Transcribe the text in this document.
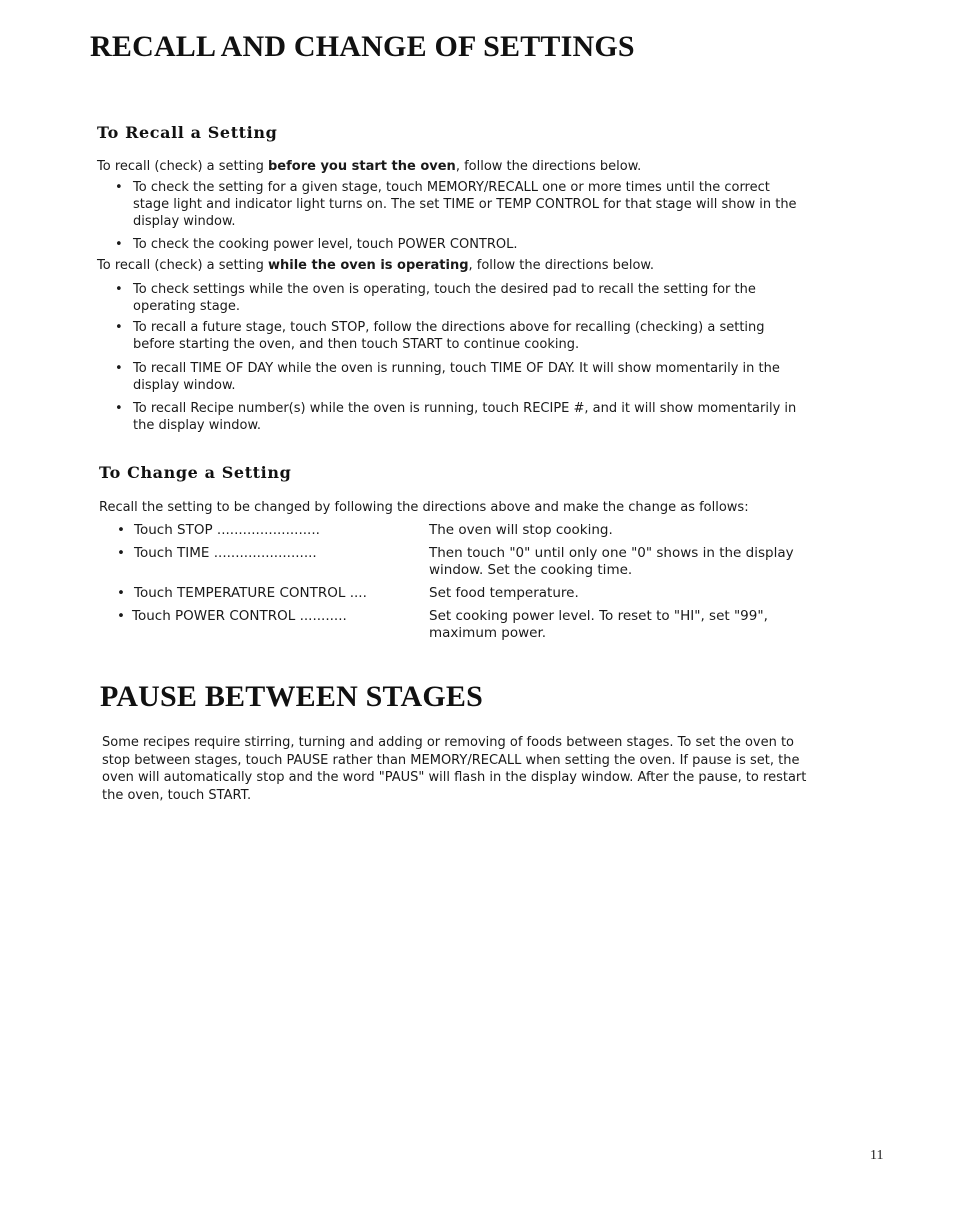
RECALL AND CHANGE OF SETTINGS
To Recall a Setting
To recall (check) a setting before you start the oven, follow the directions below.
• To check the setting for a given stage, touch MEMORY/RECALL one or more times until the correct stage light and indicator light turns on. The set TIME or TEMP CONTROL for that stage will show in the display window.
• To check the cooking power level, touch POWER CONTROL.
To recall (check) a setting while the oven is operating, follow the directions below.
• To check settings while the oven is operating, touch the desired pad to recall the setting for the operating stage.
• To recall a future stage, touch STOP, follow the directions above for recalling (checking) a setting before starting the oven, and then touch START to continue cooking.
• To recall TIME OF DAY while the oven is running, touch TIME OF DAY. It will show momentarily in the display window.
• To recall Recipe number(s) while the oven is running, touch RECIPE #, and it will show momentarily in the display window.
To Change a Setting
Recall the setting to be changed by following the directions above and make the change as follows:
• Touch STOP ........................	The oven will stop cooking.
• Touch TIME ........................	Then touch "0" until only one "0" shows in the display window. Set the cooking time.
• Touch TEMPERATURE CONTROL ....	Set food temperature.
• Touch POWER CONTROL ...........	Set cooking power level. To reset to "HI", set "99", maximum power.
PAUSE BETWEEN STAGES
Some recipes require stirring, turning and adding or removing of foods between stages. To set the oven to stop between stages, touch PAUSE rather than MEMORY/RECALL when setting the oven. If pause is set, the oven will automatically stop and the word "PAUS" will flash in the display window. After the pause, to restart the oven, touch START.
11
